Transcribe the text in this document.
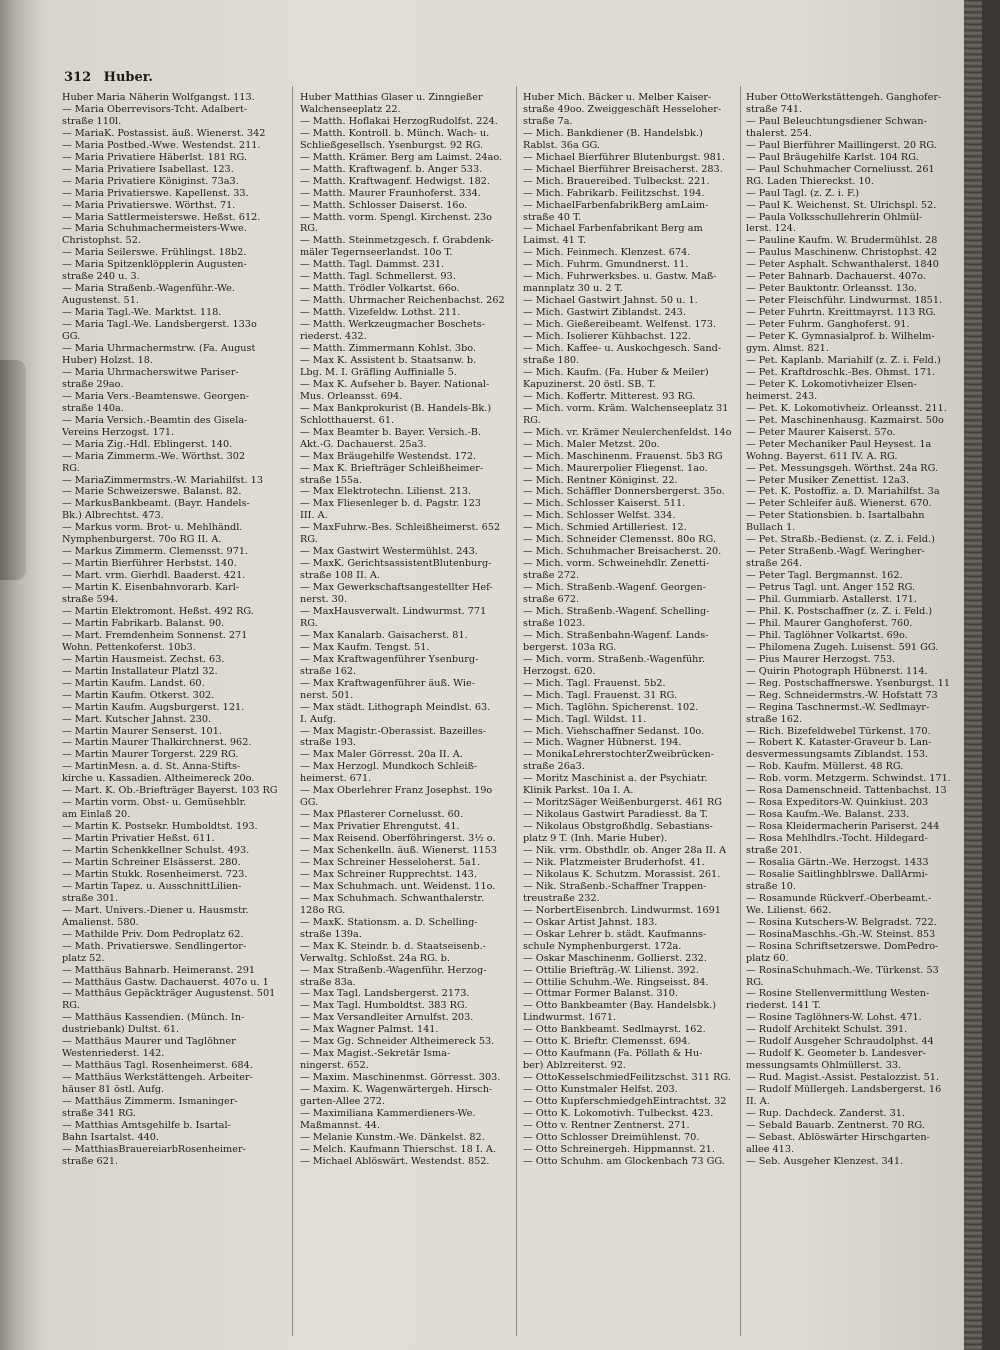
312 Huber.
Huber Maria Näherin Wolfgangst. 113.
— Maria Oberrevisors-Tcht. Adalbert-
straße 110l.
— MariaK. Postassist. äuß. Wienerst. 342
— Maria Postbed.-Wwe. Westendst. 211.
— Maria Privatiere Häberlst. 181 RG.
— Maria Privatiere Isabellast. 123.
— Maria Privatiere Königinst. 73a3.
— Maria Privatierswe. Kapellenst. 33.
— Maria Privatierswe. Wörthst. 71.
— Maria Sattlermeisterswe. Heßst. 612.
— Maria Schuhmachermeisters-Wwe.
Christophst. 52.
— Maria Seilerswe. Frühlingst. 18b2.
— Maria Spitzenklöpplerin Augusten-
straße 240 u. 3.
— Maria Straßenb.-Wagenführ.-We.
Augustenst. 51.
— Maria Tagl.-We. Marktst. 118.
— Maria Tagl.-We. Landsbergerst. 133o
GG.
— Maria Uhrmachermstrw. (Fa. August
Huber) Holzst. 18.
— Maria Uhrmacherswitwe Pariser-
straße 29ao.
— Maria Vers.-Beamtenswe. Georgen-
straße 140a.
— Maria Versich.-Beamtin des Gisela-
Vereins Herzogst. 171.
— Maria Zig.-Hdl. Eblingerst. 140.
— Maria Zimmerm.-We. Wörthst. 302
RG.
— MariaZimmermstrs.-W. Mariahilfst. 13
— Marie Schweizerswe. Balanst. 82.
— MarkusBankbeamt. (Bayr. Handels-
Bk.) Albrechtst. 473.
— Markus vorm. Brot- u. Mehlhändl.
Nymphenburgerst. 70o RG II. A.
— Markus Zimmerm. Clemensst. 971.
— Martin Bierführer Herbstst. 140.
— Mart. vrm. Gierhdl. Baaderst. 421.
— Martin K. Eisenbahnvorarb. Karl-
straße 594.
— Martin Elektromont. Heßst. 492 RG.
— Martin Fabrikarb. Balanst. 90.
— Mart. Fremdenheim Sonnenst. 271
Wohn. Pettenkoferst. 10b3.
— Martin Hausmeist. Zechst. 63.
— Martin Installateur Platzl 32.
— Martin Kaufm. Landst. 60.
— Martin Kaufm. Otkerst. 302.
— Martin Kaufm. Augsburgerst. 121.
— Mart. Kutscher Jahnst. 230.
— Martin Maurer Senserst. 101.
— Martin Maurer Thalkirchnerst. 962.
— Martin Maurer Torgerst. 229 RG.
— MartinMesn. a. d. St. Anna-Stifts-
kirche u. Kassadien. Altheimereck 20o.
— Mart. K. Ob.-Briefträger Bayerst. 103 RG
— Martin vorm. Obst- u. Gemüsehblr.
am Einlaß 20.
— Martin K. Postsekr. Humboldtst. 193.
— Martin Privatier Heßst. 611.
— Martin Schenkkellner Schulst. 493.
— Martin Schreiner Elsässerst. 280.
— Martin Stukk. Rosenheimerst. 723.
— Martin Tapez. u. AusschnittLilien-
straße 301.
— Mart. Univers.-Diener u. Hausmstr.
Amalienst. 580.
— Mathilde Priv. Dom Pedroplatz 62.
— Math. Privatierswe. Sendlingertor-
platz 52.
— Matthäus Bahnarb. Heimeranst. 291
— Matthäus Gastw. Dachauerst. 407o u. 1
— Matthäus Gepäckträger Augustenst. 501
RG.
— Matthäus Kassendien. (Münch. In-
dustriebank) Dultst. 61.
— Matthäus Maurer und Taglöhner
Westenriederst. 142.
— Matthäus Tagl. Rosenheimerst. 684.
— Matthäus Werkstättengeh. Arbeiter-
häuser 81 östl. Aufg.
— Matthäus Zimmerm. Ismaninger-
straße 341 RG.
— Matthias Amtsgehilfe b. Isartal-
Bahn Isartalst. 440.
— MatthiasBrauereiarbRosenheimer-
straße 621.
Huber Matthias Glaser u. Zinngießer
Walchenseeplatz 22.
— Matth. Hoflakai HerzogRudolfst. 224.
— Matth. Kontroll. b. Münch. Wach- u.
Schließgesellsch. Ysenburgst. 92 RG.
— Matth. Krämer. Berg am Laimst. 24ao.
— Matth. Kraftwagenf. b. Anger 533.
— Matth. Kraftwagenf. Hedwigst. 182.
— Matth. Maurer Fraunhoferst. 334.
— Matth. Schlosser Daiserst. 16o.
— Matth. vorm. Spengl. Kirchenst. 23o
RG.
— Matth. Steinmetzgesch. f. Grabdenk-
mäler Tegernseerlandst. 10o T.
— Matth. Tagl. Dammst. 231.
— Matth. Tagl. Schmellerst. 93.
— Matth. Trödler Volkartst. 66o.
— Matth. Uhrmacher Reichenbachst. 262
— Matth. Vizefeldw. Lothst. 211.
— Matth. Werkzeugmacher Boschets-
riederst. 432.
— Matth. Zimmermann Kohlst. 3bo.
— Max K. Assistent b. Staatsanw. b.
Lbg. M. I. Gräfling Auffinialle 5.
— Max K. Aufseher b. Bayer. National-
Mus. Orleansst. 694.
— Max Bankprokurist (B. Handels-Bk.)
Schlotthauerst. 61.
— Max Beamter b. Bayer. Versich.-B.
Akt.-G. Dachauerst. 25a3.
— Max Bräugehilfe Westendst. 172.
— Max K. Briefträger Schleißheimer-
straße 155a.
— Max Elektrotechn. Lilienst. 213.
— Max Fliesenleger b. d. Pagstr. 123
III. A.
— MaxFuhrw.-Bes. Schleißheimerst. 652
RG.
— Max Gastwirt Westermühlst. 243.
— MaxK. GerichtsassistentBlutenburg-
straße 108 II. A.
— Max Gewerkschaftsangestellter Hef-
nerst. 30.
— MaxHausverwalt. Lindwurmst. 771
RG.
— Max Kanalarb. Gaisacherst. 81.
— Max Kaufm. Tengst. 51.
— Max Kraftwagenführer Ysenburg-
straße 162.
— Max Kraftwagenführer äuß. Wie-
nerst. 501.
— Max städt. Lithograph Meindlst. 63.
I. Aufg.
— Max Magistr.-Oberassist. Bazeilles-
straße 193.
— Max Maler Görresst. 20a II. A.
— Max Herzogl. Mundkoch Schleiß-
heimerst. 671.
— Max Oberlehrer Franz Josephst. 19o
GG.
— Max Pflasterer Cornelusst. 60.
— Max Privatier Ehrengutst. 41.
— Max Reisend. Oberföhringerst. 3½ o.
— Max Schenkelln. äuß. Wienerst. 1153
— Max Schreiner Hesseloherst. 5a1.
— Max Schreiner Rupprechtst. 143.
— Max Schuhmach. unt. Weidenst. 11o.
— Max Schuhmach. Schwanthalerstr.
128o RG.
— MaxK. Stationsm. a. D. Schelling-
straße 139a.
— Max K. Steindr. b. d. Staatseisenb.-
Verwaltg. Schloßst. 24a RG. b.
— Max Straßenb.-Wagenführ. Herzog-
straße 83a.
— Max Tagl. Landsbergerst. 2173.
— Max Tagl. Humboldtst. 383 RG.
— Max Versandleiter Arnulfst. 203.
— Max Wagner Palmst. 141.
— Max Gg. Schneider Altheimereck 53.
— Max Magist.-Sekretär Isma-
ningerst. 652.
— Maxim. Maschinenmst. Görresst. 303.
— Maxim. K. Wagenwärtergeh. Hirsch-
garten-Allee 272.
— Maximiliana Kammerdieners-We.
Maßmannst. 44.
— Melanie Kunstm.-We. Dänkelst. 82.
— Melch. Kaufmann Thierschst. 18 I. A.
— Michael Ablöswärt. Westendst. 852.
Huber Mich. Bäcker u. Melber Kaiser-
straße 49oo. Zweiggeschäft Hesseloher-
straße 7a.
— Mich. Bankdiener (B. Handelsbk.)
Rablst. 36a GG.
— Michael Bierführer Blutenburgst. 981.
— Michael Bierführer Breisacherst. 283.
— Mich. Brauereibed. Tulbeckst. 221.
— Mich. Fabrikarb. Feilitzschst. 194.
— MichaelFarbenfabrikBerg amLaim-
straße 40 T.
— Michael Farbenfabrikant Berg am
Laimst. 41 T.
— Mich. Feinmech. Klenzest. 674.
— Mich. Fuhrm. Gmundnerst. 11.
— Mich. Fuhrwerksbes. u. Gastw. Maß-
mannplatz 30 u. 2 T.
— Michael Gastwirt Jahnst. 50 u. 1.
— Mich. Gastwirt Ziblandst. 243.
— Mich. Gießereibeamt. Welfenst. 173.
— Mich. Isolierer Kühbachst. 122.
— Mich. Kaffee- u. Auskochgesch. Sand-
straße 180.
— Mich. Kaufm. (Fa. Huber & Meiler)
Kapuzinerst. 20 östl. SB. T.
— Mich. Koffertr. Mitterest. 93 RG.
— Mich. vorm. Kräm. Walchenseeplatz 31
RG.
— Mich. vr. Krämer Neulerchenfeldst. 14o
— Mich. Maler Metzst. 20o.
— Mich. Maschinenm. Frauenst. 5b3 RG
— Mich. Maurerpolier Fliegenst. 1ao.
— Mich. Rentner Königinst. 22.
— Mich. Schäffler Donnersbergerst. 35o.
— Mich. Schlosser Kaiserst. 511.
— Mich. Schlosser Welfst. 334.
— Mich. Schmied Artilleriest. 12.
— Mich. Schneider Clemensst. 80o RG.
— Mich. Schuhmacher Breisacherst. 20.
— Mich. vorm. Schweinehdlr. Zenetti-
straße 272.
— Mich. Straßenb.-Wagenf. Georgen-
straße 672.
— Mich. Straßenb.-Wagenf. Schelling-
straße 1023.
— Mich. Straßenbahn-Wagenf. Lands-
bergerst. 103a RG.
— Mich. vorm. Straßenb.-Wagenführ.
Herzogst. 620.
— Mich. Tagl. Frauenst. 5b2.
— Mich. Tagl. Frauenst. 31 RG.
— Mich. Taglöhn. Spicherenst. 102.
— Mich. Tagl. Wildst. 11.
— Mich. Viehschaffner Sedanst. 10o.
— Mich. Wagner Hübnerst. 194.
— MonikaLehrerstochterZweibrücken-
straße 26a3.
— Moritz Maschinist a. der Psychiatr.
Klinik Parkst. 10a I. A.
— MoritzSäger Weißenburgerst. 461 RG
— Nikolaus Gastwirt Paradiesst. 8a T.
— Nikolaus Obstgroßhdlg. Sebastians-
platz 9 T. (Inh. Marie Huber).
— Nik. vrm. Obsthdlr. ob. Anger 28a II. A
— Nik. Platzmeister Bruderhofst. 41.
— Nikolaus K. Schutzm. Morassist. 261.
— Nik. Straßenb.-Schaffner Trappen-
treustraße 232.
— NorbertEisenbrch. Lindwurmst. 1691
— Oskar Artist Jahnst. 183.
— Oskar Lehrer b. städt. Kaufmanns-
schule Nymphenburgerst. 172a.
— Oskar Maschinenm. Gollierst. 232.
— Ottilie Briefträg.-W. Lilienst. 392.
— Ottilie Schuhm.-We. Ringseisst. 84.
— Ottmar Former Balanst. 310.
— Otto Bankbeamter (Bay. Handelsbk.)
Lindwurmst. 1671.
— Otto Bankbeamt. Sedlmayrst. 162.
— Otto K. Brieftr. Clemensst. 694.
— Otto Kaufmann (Fa. Pöllath & Hu-
ber) Ablzreiterst. 92.
— OttoKesselschmiedFeilitzschst. 311 RG.
— Otto Kunstmaler Helfst. 203.
— Otto KupferschmiedgehEintrachtst. 32
— Otto K. Lokomotivh. Tulbeckst. 423.
— Otto v. Rentner Zentnerst. 271.
— Otto Schlosser Dreimühlenst. 70.
— Otto Schreinergeh. Hippmannst. 21.
— Otto Schuhm. am Glockenbach 73 GG.
Huber OttoWerkstättengeh. Ganghofer-
straße 741.
— Paul Beleuchtungsdiener Schwan-
thalerst. 254.
— Paul Bierführer Maillingerst. 20 RG.
— Paul Bräugehilfe Karlst. 104 RG.
— Paul Schuhmacher Corneliusst. 261
RG. Laden Thiereckst. 10.
— Paul Tagl. (z. Z. i. F.)
— Paul K. Weichenst. St. Ulrichspl. 52.
— Paula Volksschullehrerin Ohlmül-
lerst. 124.
— Pauline Kaufm. W. Brudermühlst. 28
— Paulus Maschinenw. Christophst. 42
— Peter Asphalt. Schwanthalerst. 1840
— Peter Bahnarb. Dachauerst. 407o.
— Peter Bauktontr. Orleansst. 13o.
— Peter Fleischführ. Lindwurmst. 1851.
— Peter Fuhrtn. Kreittmayrst. 113 RG.
— Peter Fuhrm. Ganghoferst. 91.
— Peter K. Gymnasialprof. b. Wilhelm-
gym. Almst. 821.
— Pet. Kaplanb. Mariahilf (z. Z. i. Feld.)
— Pet. Kraftdroschk.-Bes. Ohmst. 171.
— Peter K. Lokomotivheizer Elsen-
heimerst. 243.
— Pet. K. Lokomotivheiz. Orleansst. 211.
— Pet. Maschinenhausg. Kazmairst. 50o
— Peter Maurer Kaiserst. 57o.
— Peter Mechaniker Paul Heysest. 1a
Wohng. Bayerst. 611 IV. A. RG.
— Pet. Messungsgeh. Wörthst. 24a RG.
— Peter Musiker Zenettist. 12a3.
— Pet. K. Postoffiz. a. D. Mariahilfst. 3a
— Peter Schleifer äuß. Wienerst. 670.
— Peter Stationsbien. b. Isartalbahn
Bullach 1.
— Pet. Straßb.-Bedienst. (z. Z. i. Feld.)
— Peter Straßenb.-Wagf. Weringher-
straße 264.
— Peter Tagl. Bergmannst. 162.
— Petrus Tagl. unt. Anger 152 RG.
— Phil. Gummiarb. Astallerst. 171.
— Phil. K. Postschaffner (z. Z. i. Feld.)
— Phil. Maurer Ganghoferst. 760.
— Phil. Taglöhner Volkartst. 69o.
— Philomena Zugeh. Luisenst. 591 GG.
— Pius Maurer Herzogst. 753.
— Quirin Photograph Hübnerst. 114.
— Reg. Postschaffnerswe. Ysenburgst. 11
— Reg. Schneidermstrs.-W. Hofstatt 73
— Regina Taschnermst.-W. Sedlmayr-
straße 162.
— Rich. Bizefeldwebel Türkenst. 170.
— Robert K. Kataster-Graveur b. Lan-
desvermessungsamts Ziblandst. 153.
— Rob. Kaufm. Müllerst. 48 RG.
— Rob. vorm. Metzgerm. Schwindst. 171.
— Rosa Damenschneid. Tattenbachst. 13
— Rosa Expeditors-W. Quinkiust. 203
— Rosa Kaufm.-We. Balanst. 233.
— Rosa Kleidermacherin Pariserst. 244
— Rosa Mehlhdlrs.-Tocht. Hildegard-
straße 201.
— Rosalia Gärtn.-We. Herzogst. 1433
— Rosalie Saitlinghblrswe. DallArmi-
straße 10.
— Rosamunde Rückverf.-Oberbeamt.-
We. Lilienst. 662.
— Rosina Kutschers-W. Belgradst. 722.
— RosinaMaschhs.-Gh.-W. Steinst. 853
— Rosina Schriftsetzerswe. DomPedro-
platz 60.
— RosinaSchuhmach.-We. Türkenst. 53
RG.
— Rosine Stellenvermittlung Westen-
riederst. 141 T.
— Rosine Taglöhners-W. Lohst. 471.
— Rudolf Architekt Schulst. 391.
— Rudolf Ausgeher Schraudolphst. 44
— Rudolf K. Geometer b. Landesver-
messungsamts Ohlmüllerst. 33.
— Rud. Magist.-Assist. Pestalozzist. 51.
— Rudolf Müllergeh. Landsbergerst. 16
II. A.
— Rup. Dachdeck. Zanderst. 31.
— Sebald Bauarb. Zentnerst. 70 RG.
— Sebast. Ablöswärter Hirschgarten-
allee 413.
— Seb. Ausgeher Klenzest. 341.
